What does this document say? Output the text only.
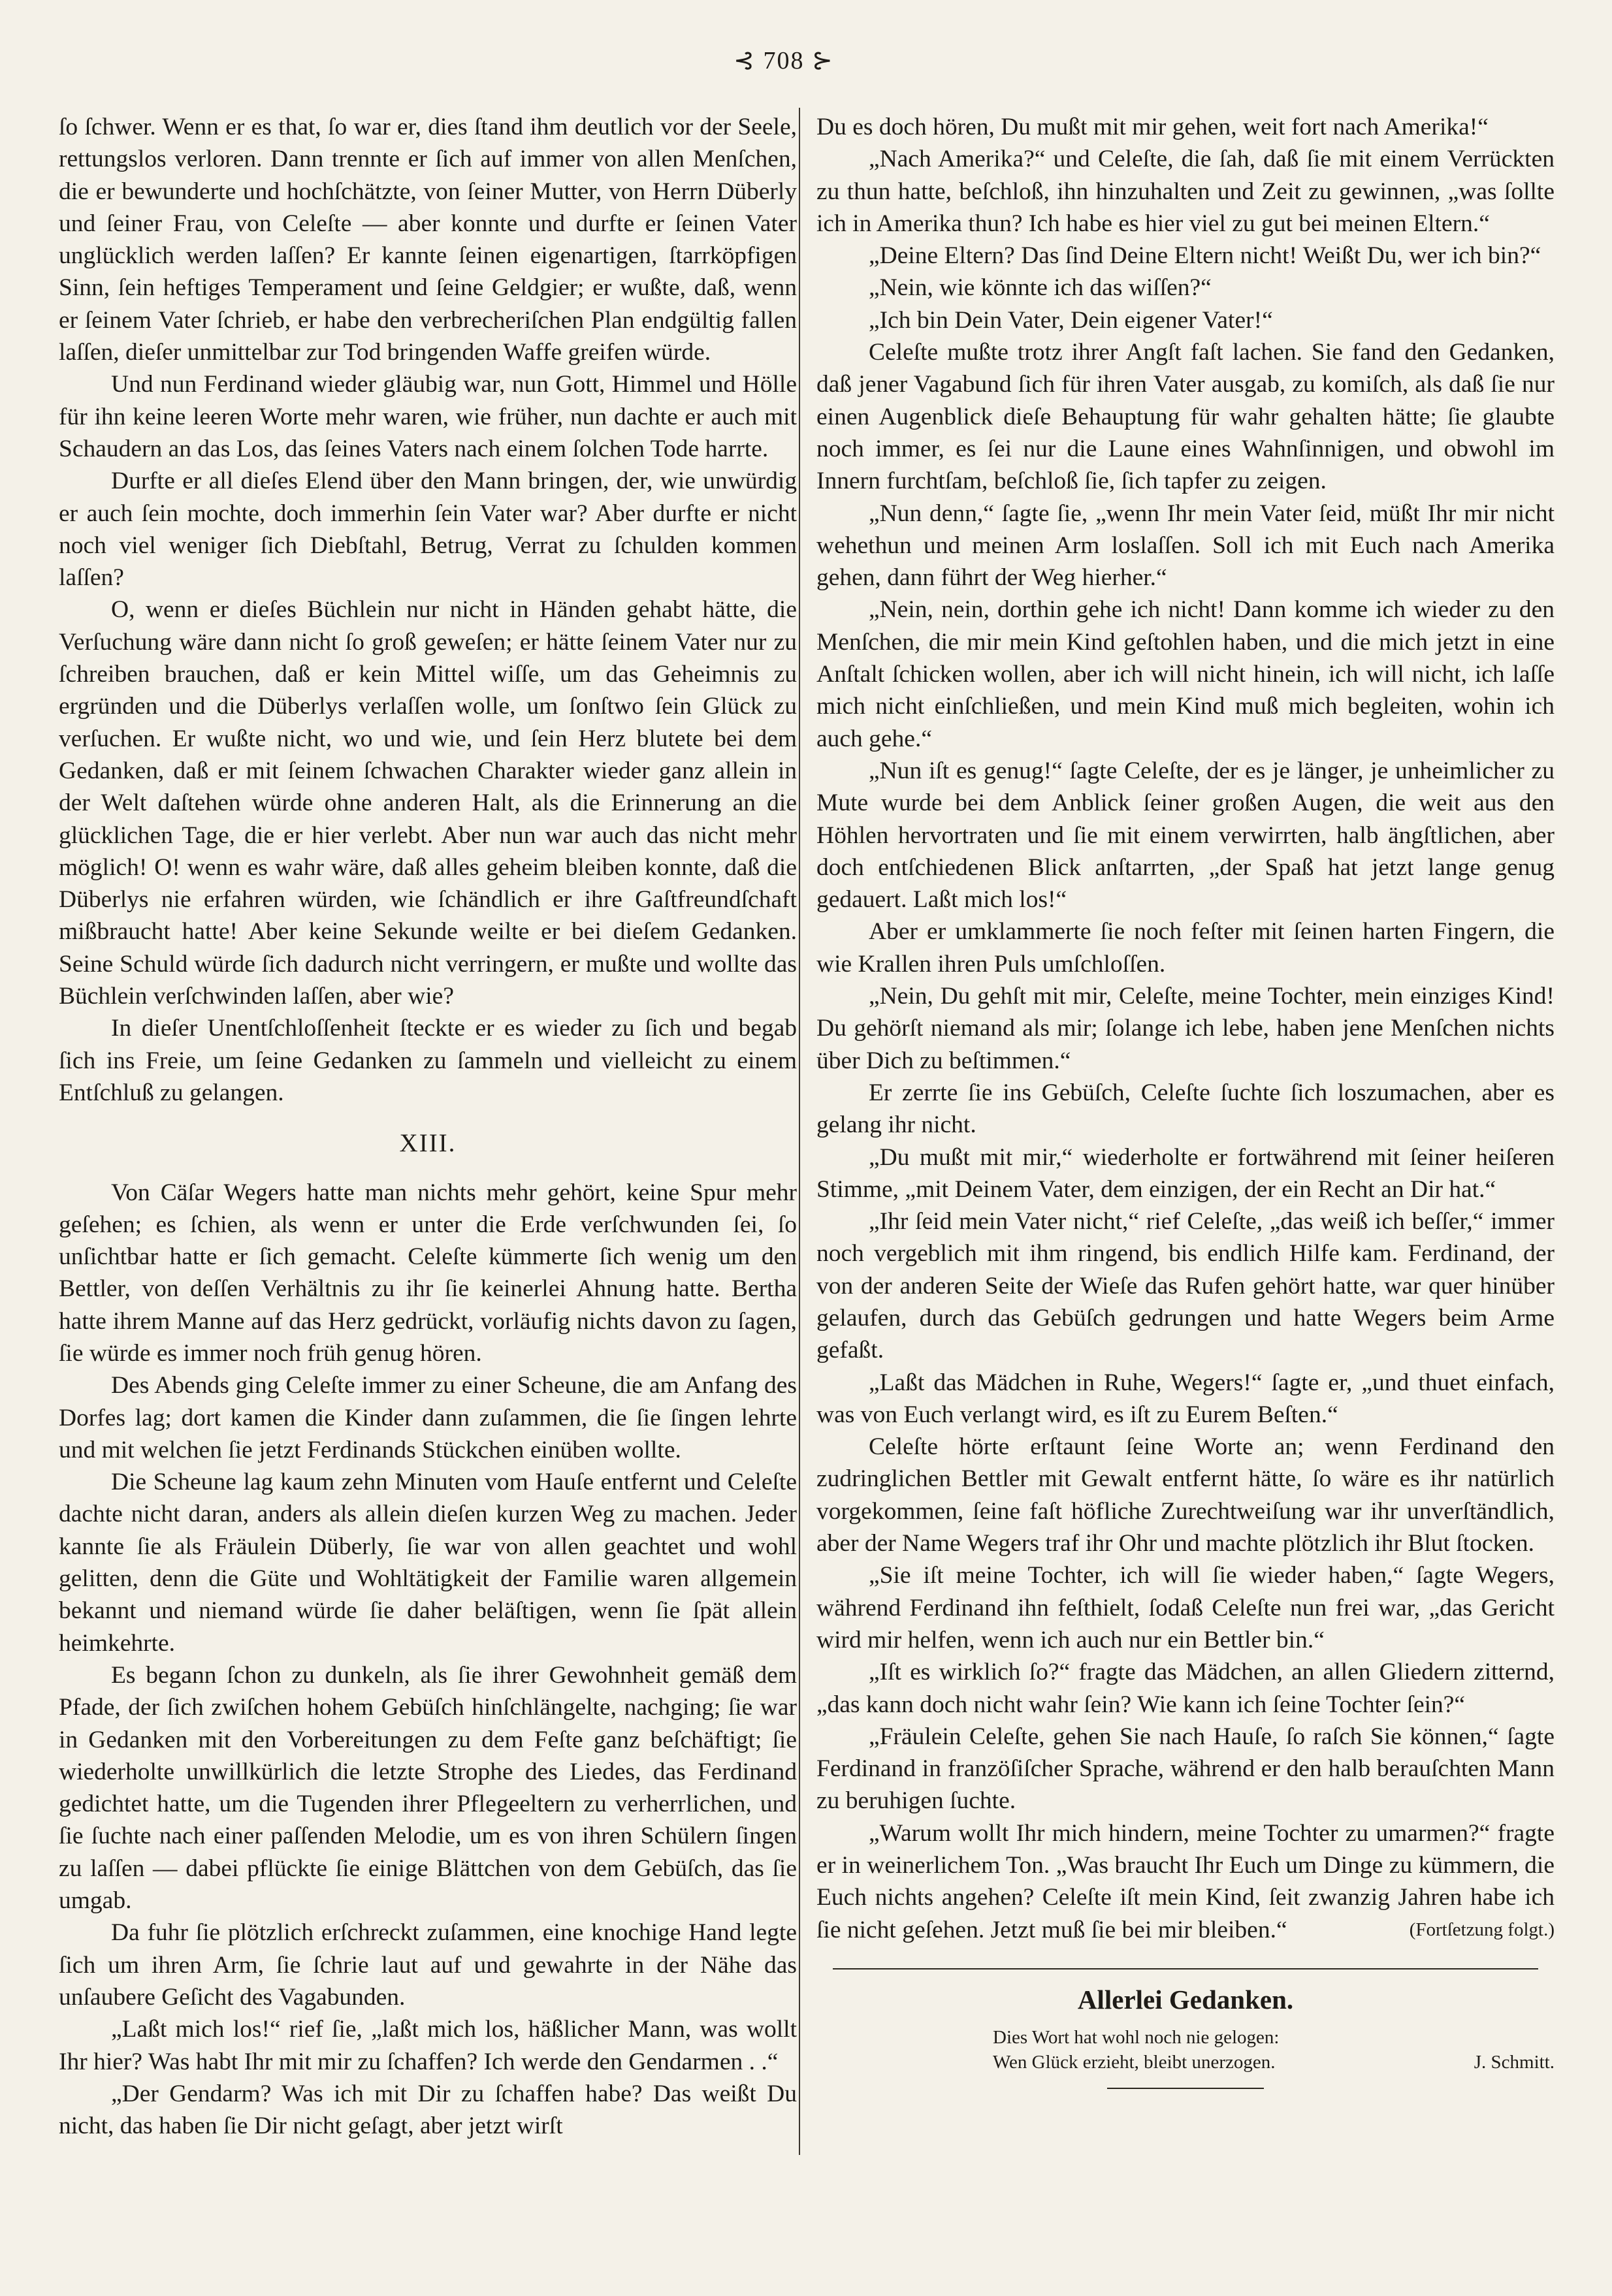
⊰ 708 ⊱

ſo ſchwer. Wenn er es that, ſo war er, dies ſtand ihm deutlich vor der Seele, rettungslos verloren. Dann trennte er ſich auf immer von allen Menſchen, die er bewunderte und hochſchätzte, von ſeiner Mutter, von Herrn Düberly und ſeiner Frau, von Celeſte — aber konnte und durfte er ſeinen Vater unglücklich werden laſſen? Er kannte ſeinen eigenartigen, ſtarrköpfigen Sinn, ſein heftiges Temperament und ſeine Geldgier; er wußte, daß, wenn er ſeinem Vater ſchrieb, er habe den verbrecheriſchen Plan endgültig fallen laſſen, dieſer unmittelbar zur Tod bringenden Waffe greifen würde.

Und nun Ferdinand wieder gläubig war, nun Gott, Himmel und Hölle für ihn keine leeren Worte mehr waren, wie früher, nun dachte er auch mit Schaudern an das Los, das ſeines Vaters nach einem ſolchen Tode harrte.

Durfte er all dieſes Elend über den Mann bringen, der, wie unwürdig er auch ſein mochte, doch immerhin ſein Vater war? Aber durfte er nicht noch viel weniger ſich Diebſtahl, Betrug, Verrat zu ſchulden kommen laſſen?

O, wenn er dieſes Büchlein nur nicht in Händen gehabt hätte, die Verſuchung wäre dann nicht ſo groß geweſen; er hätte ſeinem Vater nur zu ſchreiben brauchen, daß er kein Mittel wiſſe, um das Geheimnis zu ergründen und die Düberlys verlaſſen wolle, um ſonſtwo ſein Glück zu verſuchen. Er wußte nicht, wo und wie, und ſein Herz blutete bei dem Gedanken, daß er mit ſeinem ſchwachen Charakter wieder ganz allein in der Welt daſtehen würde ohne anderen Halt, als die Erinnerung an die glücklichen Tage, die er hier verlebt. Aber nun war auch das nicht mehr möglich! O! wenn es wahr wäre, daß alles geheim bleiben konnte, daß die Düberlys nie erfahren würden, wie ſchändlich er ihre Gaſtfreundſchaft mißbraucht hatte! Aber keine Sekunde weilte er bei dieſem Gedanken. Seine Schuld würde ſich dadurch nicht verringern, er mußte und wollte das Büchlein verſchwinden laſſen, aber wie?

In dieſer Unentſchloſſenheit ſteckte er es wieder zu ſich und begab ſich ins Freie, um ſeine Gedanken zu ſammeln und vielleicht zu einem Entſchluß zu gelangen.

XIII.

Von Cäſar Wegers hatte man nichts mehr gehört, keine Spur mehr geſehen; es ſchien, als wenn er unter die Erde verſchwunden ſei, ſo unſichtbar hatte er ſich gemacht. Celeſte kümmerte ſich wenig um den Bettler, von deſſen Verhältnis zu ihr ſie keinerlei Ahnung hatte. Bertha hatte ihrem Manne auf das Herz gedrückt, vorläufig nichts davon zu ſagen, ſie würde es immer noch früh genug hören.

Des Abends ging Celeſte immer zu einer Scheune, die am Anfang des Dorfes lag; dort kamen die Kinder dann zuſammen, die ſie ſingen lehrte und mit welchen ſie jetzt Ferdinands Stückchen einüben wollte.

Die Scheune lag kaum zehn Minuten vom Hauſe entfernt und Celeſte dachte nicht daran, anders als allein dieſen kurzen Weg zu machen. Jeder kannte ſie als Fräulein Düberly, ſie war von allen geachtet und wohl gelitten, denn die Güte und Wohltätigkeit der Familie waren allgemein bekannt und niemand würde ſie daher beläſtigen, wenn ſie ſpät allein heimkehrte.

Es begann ſchon zu dunkeln, als ſie ihrer Gewohnheit gemäß dem Pfade, der ſich zwiſchen hohem Gebüſch hinſchlängelte, nachging; ſie war in Gedanken mit den Vorbereitungen zu dem Feſte ganz beſchäftigt; ſie wiederholte unwillkürlich die letzte Strophe des Liedes, das Ferdinand gedichtet hatte, um die Tugenden ihrer Pflegeeltern zu verherrlichen, und ſie ſuchte nach einer paſſenden Melodie, um es von ihren Schülern ſingen zu laſſen — dabei pflückte ſie einige Blättchen von dem Gebüſch, das ſie umgab.

Da fuhr ſie plötzlich erſchreckt zuſammen, eine knochige Hand legte ſich um ihren Arm, ſie ſchrie laut auf und gewahrte in der Nähe das unſaubere Geſicht des Vagabunden.

„Laßt mich los!“ rief ſie, „laßt mich los, häßlicher Mann, was wollt Ihr hier? Was habt Ihr mit mir zu ſchaffen? Ich werde den Gendarmen . .“

„Der Gendarm? Was ich mit Dir zu ſchaffen habe? Das weißt Du nicht, das haben ſie Dir nicht geſagt, aber jetzt wirſt

Du es doch hören, Du mußt mit mir gehen, weit fort nach Amerika!“

„Nach Amerika?“ und Celeſte, die ſah, daß ſie mit einem Verrückten zu thun hatte, beſchloß, ihn hinzuhalten und Zeit zu gewinnen, „was ſollte ich in Amerika thun? Ich habe es hier viel zu gut bei meinen Eltern.“

„Deine Eltern? Das ſind Deine Eltern nicht! Weißt Du, wer ich bin?“

„Nein, wie könnte ich das wiſſen?“

„Ich bin Dein Vater, Dein eigener Vater!“

Celeſte mußte trotz ihrer Angſt faſt lachen. Sie fand den Gedanken, daß jener Vagabund ſich für ihren Vater ausgab, zu komiſch, als daß ſie nur einen Augenblick dieſe Behauptung für wahr gehalten hätte; ſie glaubte noch immer, es ſei nur die Laune eines Wahnſinnigen, und obwohl im Innern furchtſam, beſchloß ſie, ſich tapfer zu zeigen.

„Nun denn,“ ſagte ſie, „wenn Ihr mein Vater ſeid, müßt Ihr mir nicht wehethun und meinen Arm loslaſſen. Soll ich mit Euch nach Amerika gehen, dann führt der Weg hierher.“

„Nein, nein, dorthin gehe ich nicht! Dann komme ich wieder zu den Menſchen, die mir mein Kind geſtohlen haben, und die mich jetzt in eine Anſtalt ſchicken wollen, aber ich will nicht hinein, ich will nicht, ich laſſe mich nicht einſchließen, und mein Kind muß mich begleiten, wohin ich auch gehe.“

„Nun iſt es genug!“ ſagte Celeſte, der es je länger, je unheimlicher zu Mute wurde bei dem Anblick ſeiner großen Augen, die weit aus den Höhlen hervortraten und ſie mit einem verwirrten, halb ängſtlichen, aber doch entſchiedenen Blick anſtarrten, „der Spaß hat jetzt lange genug gedauert. Laßt mich los!“

Aber er umklammerte ſie noch feſter mit ſeinen harten Fingern, die wie Krallen ihren Puls umſchloſſen.

„Nein, Du gehſt mit mir, Celeſte, meine Tochter, mein einziges Kind! Du gehörſt niemand als mir; ſolange ich lebe, haben jene Menſchen nichts über Dich zu beſtimmen.“

Er zerrte ſie ins Gebüſch, Celeſte ſuchte ſich loszumachen, aber es gelang ihr nicht.

„Du mußt mit mir,“ wiederholte er fortwährend mit ſeiner heiſeren Stimme, „mit Deinem Vater, dem einzigen, der ein Recht an Dir hat.“

„Ihr ſeid mein Vater nicht,“ rief Celeſte, „das weiß ich beſſer,“ immer noch vergeblich mit ihm ringend, bis endlich Hilfe kam. Ferdinand, der von der anderen Seite der Wieſe das Rufen gehört hatte, war quer hinüber gelaufen, durch das Gebüſch gedrungen und hatte Wegers beim Arme gefaßt.

„Laßt das Mädchen in Ruhe, Wegers!“ ſagte er, „und thuet einfach, was von Euch verlangt wird, es iſt zu Eurem Beſten.“

Celeſte hörte erſtaunt ſeine Worte an; wenn Ferdinand den zudringlichen Bettler mit Gewalt entfernt hätte, ſo wäre es ihr natürlich vorgekommen, ſeine faſt höfliche Zurechtweiſung war ihr unverſtändlich, aber der Name Wegers traf ihr Ohr und machte plötzlich ihr Blut ſtocken.

„Sie iſt meine Tochter, ich will ſie wieder haben,“ ſagte Wegers, während Ferdinand ihn feſthielt, ſodaß Celeſte nun frei war, „das Gericht wird mir helfen, wenn ich auch nur ein Bettler bin.“

„Iſt es wirklich ſo?“ fragte das Mädchen, an allen Gliedern zitternd, „das kann doch nicht wahr ſein? Wie kann ich ſeine Tochter ſein?“

„Fräulein Celeſte, gehen Sie nach Hauſe, ſo raſch Sie können,“ ſagte Ferdinand in franzöſiſcher Sprache, während er den halb berauſchten Mann zu beruhigen ſuchte.

„Warum wollt Ihr mich hindern, meine Tochter zu umarmen?“ fragte er in weinerlichem Ton. „Was braucht Ihr Euch um Dinge zu kümmern, die Euch nichts angehen? Celeſte iſt mein Kind, ſeit zwanzig Jahren habe ich ſie nicht geſehen. Jetzt muß ſie bei mir bleiben.“	(Fortſetzung folgt.)

Allerlei Gedanken.
Dies Wort hat wohl noch nie gelogen:
Wen Glück erzieht, bleibt unerzogen.	J. Schmitt.
